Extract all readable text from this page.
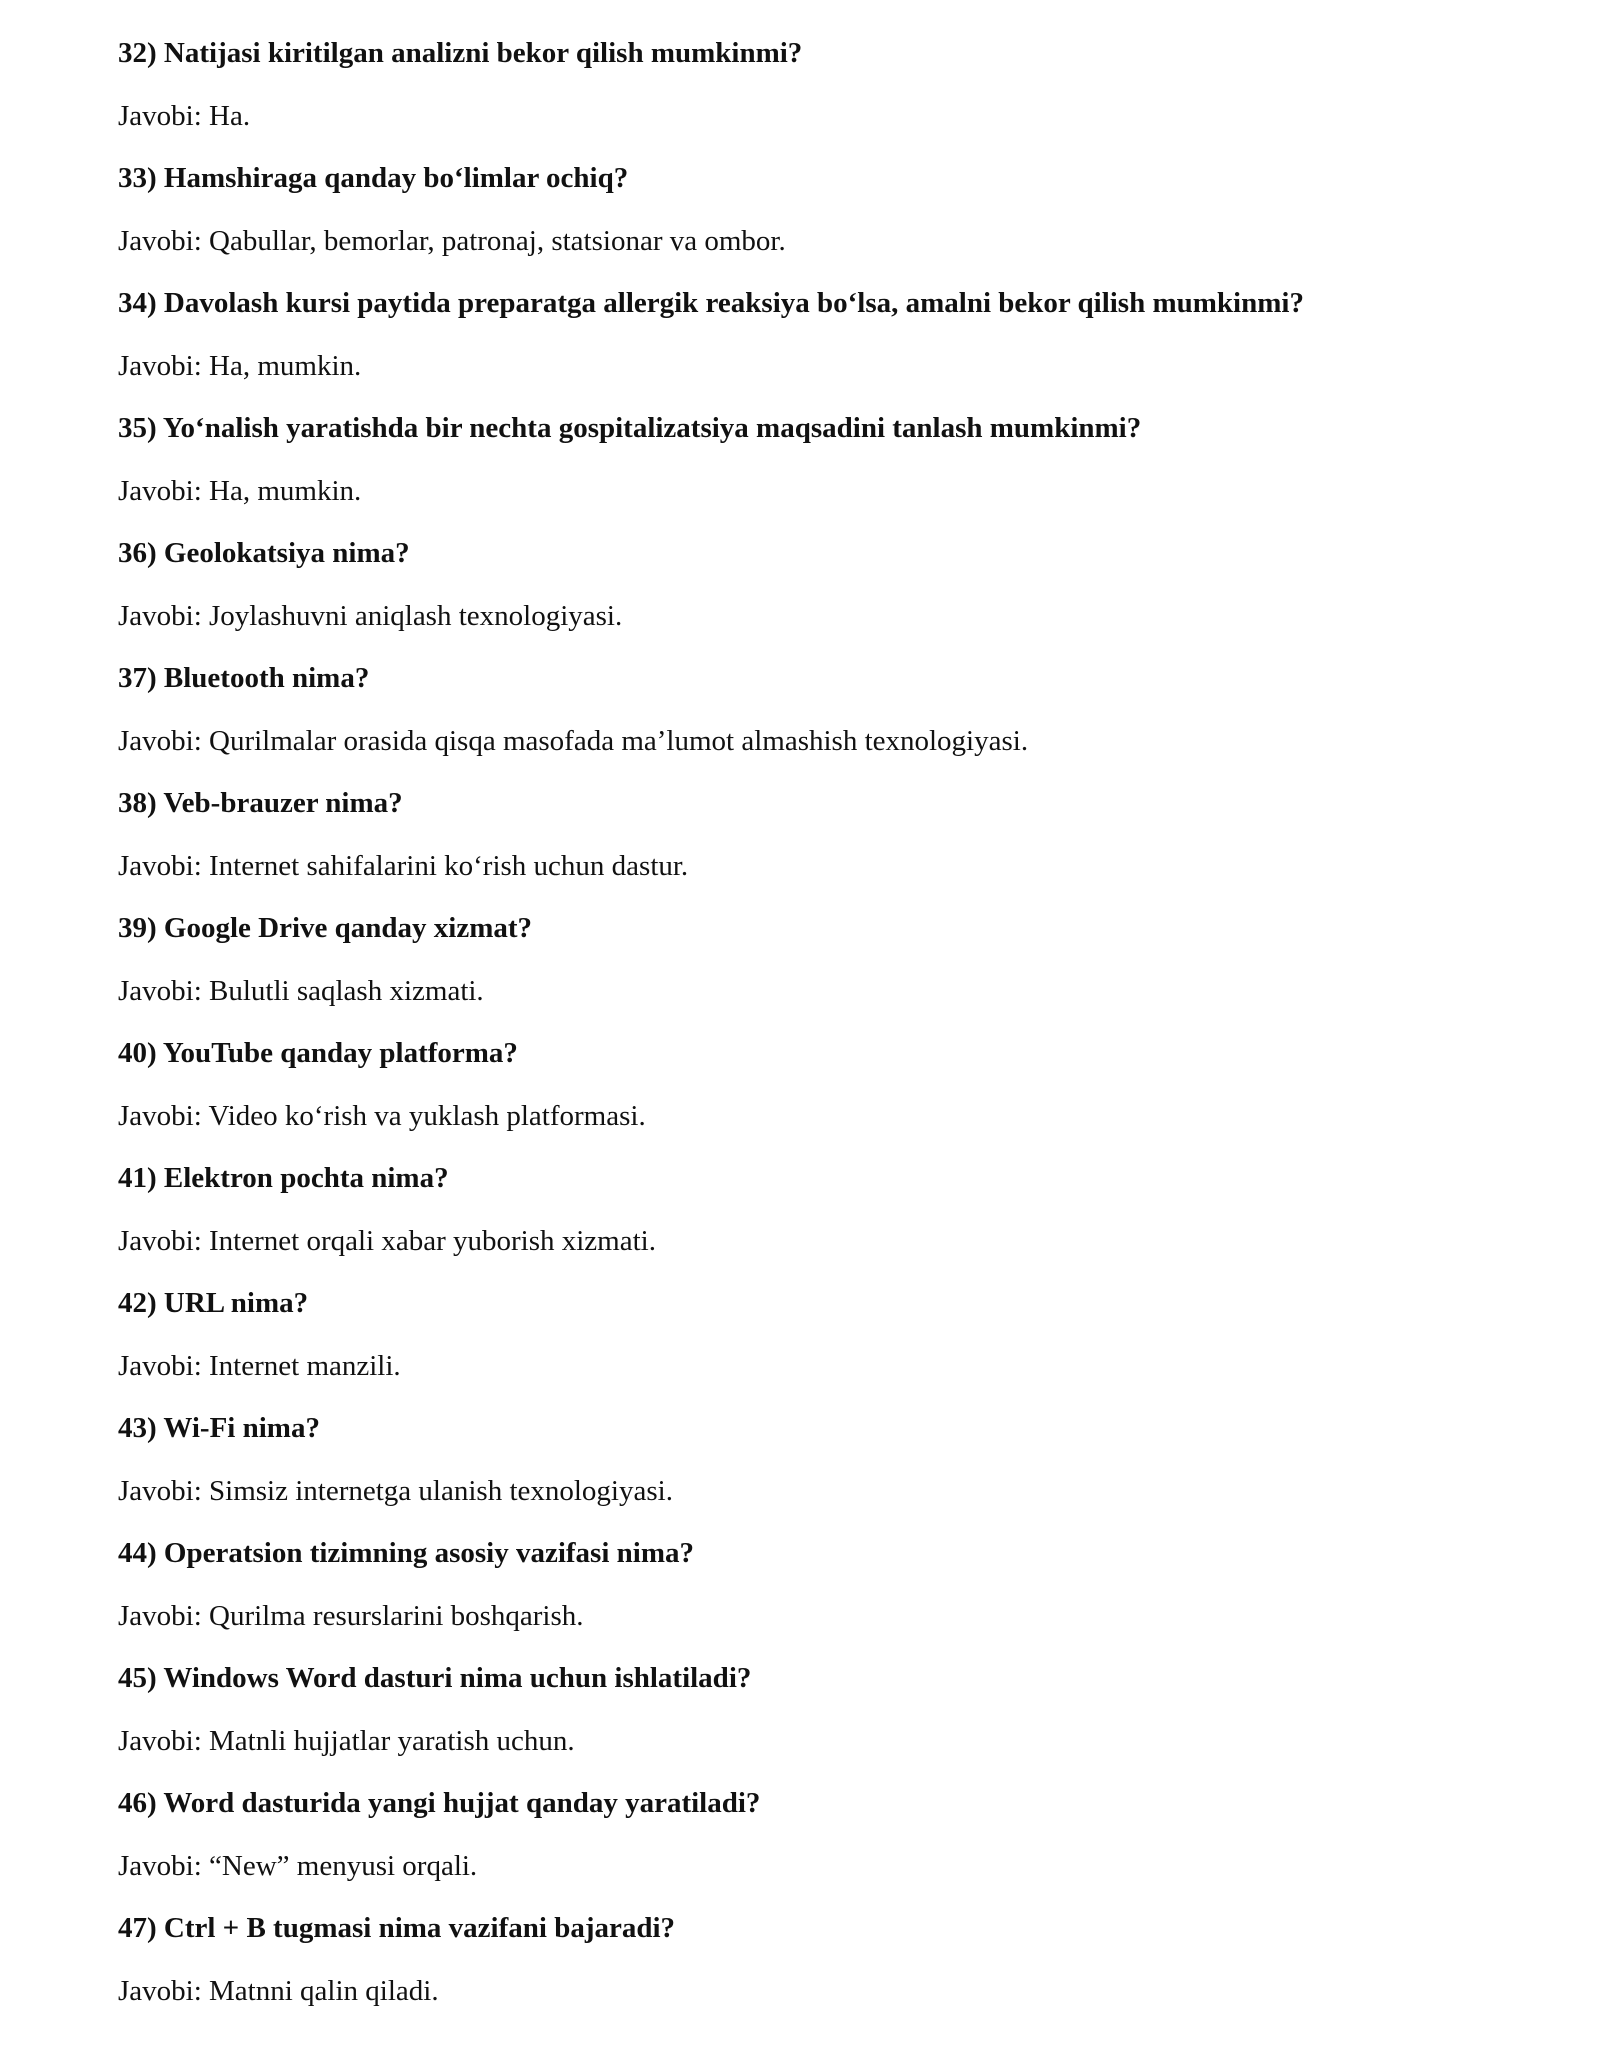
32) Natijasi kiritilgan analizni bekor qilish mumkinmi?
Javobi: Ha.
33) Hamshiraga qanday bo‘limlar ochiq?
Javobi: Qabullar, bemorlar, patronaj, statsionar va ombor.
34) Davolash kursi paytida preparatga allergik reaksiya bo‘lsa, amalni bekor qilish mumkinmi?
Javobi: Ha, mumkin.
35) Yo‘nalish yaratishda bir nechta gospitalizatsiya maqsadini tanlash mumkinmi?
Javobi: Ha, mumkin.
36) Geolokatsiya nima?
Javobi: Joylashuvni aniqlash texnologiyasi.
37) Bluetooth nima?
Javobi: Qurilmalar orasida qisqa masofada ma’lumot almashish texnologiyasi.
38) Veb-brauzer nima?
Javobi: Internet sahifalarini ko‘rish uchun dastur.
39) Google Drive qanday xizmat?
Javobi: Bulutli saqlash xizmati.
40) YouTube qanday platforma?
Javobi: Video ko‘rish va yuklash platformasi.
41) Elektron pochta nima?
Javobi: Internet orqali xabar yuborish xizmati.
42) URL nima?
Javobi: Internet manzili.
43) Wi-Fi nima?
Javobi: Simsiz internetga ulanish texnologiyasi.
44) Operatsion tizimning asosiy vazifasi nima?
Javobi: Qurilma resurslarini boshqarish.
45) Windows Word dasturi nima uchun ishlatiladi?
Javobi: Matnli hujjatlar yaratish uchun.
46) Word dasturida yangi hujjat qanday yaratiladi?
Javobi: “New” menyusi orqali.
47) Ctrl + B tugmasi nima vazifani bajaradi?
Javobi: Matnni qalin qiladi.
